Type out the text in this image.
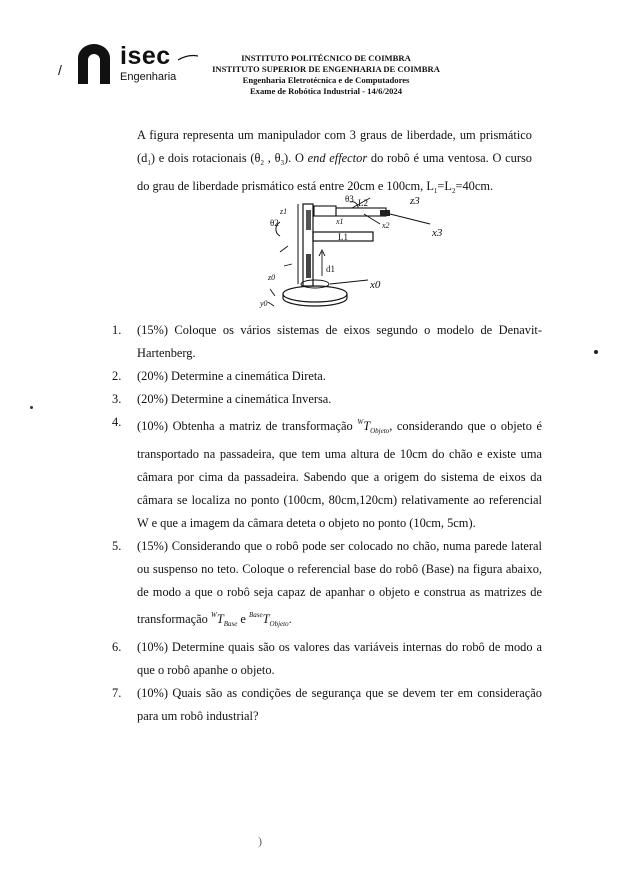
/ isec
Engenharia
INSTITUTO POLITÉCNICO DE COIMBRA
INSTITUTO SUPERIOR DE ENGENHARIA DE COIMBRA
Engenharia Eletrotécnica e de Computadores
Exame de Robótica Industrial - 14/6/2024

A figura representa um manipulador com 3 graus de liberdade, um prismático $(d_1)$ e dois rotacionais ($\theta_2$ , $\theta_3$). O end effector do robô é uma ventosa. O curso do grau de liberdade prismático está entre 20cm e 100cm, $L_1=L_2=40cm$.

θ2
θ3
L1
L2
d1
x0
x3
z3
z0
x1	x2
y0
z1
1. (15%) Coloque os vários sistemas de eixos segundo o modelo de Denavit-Hartenberg.
2. (20%) Determine a cinemática Direta.
3. (20%) Determine a cinemática Inversa.
4. (10%) Obtenha a matriz de transformação $^WT_{Objeto}$, considerando que o objeto é transportado na passadeira, que tem uma altura de 10cm do chão e existe uma câmara por cima da passadeira. Sabendo que a origem do sistema de eixos da câmara se localiza no ponto (100cm, 80cm,120cm) relativamente ao referencial W e que a imagem da câmara deteta o objeto no ponto (10cm, 5cm).
5. (15%) Considerando que o robô pode ser colocado no chão, numa parede lateral ou suspenso no teto. Coloque o referencial base do robô (Base) na figura abaixo, de modo a que o robô seja capaz de apanhar o objeto e construa as matrizes de transformação $^WT_{Base}$ e $^{Base}T_{Objeto}$.
6. (10%) Determine quais são os valores das variáveis internas do robô de modo a que o robô apanhe o objeto.
7. (10%) Quais são as condições de segurança que se devem ter em consideração para um robô industrial?
)
